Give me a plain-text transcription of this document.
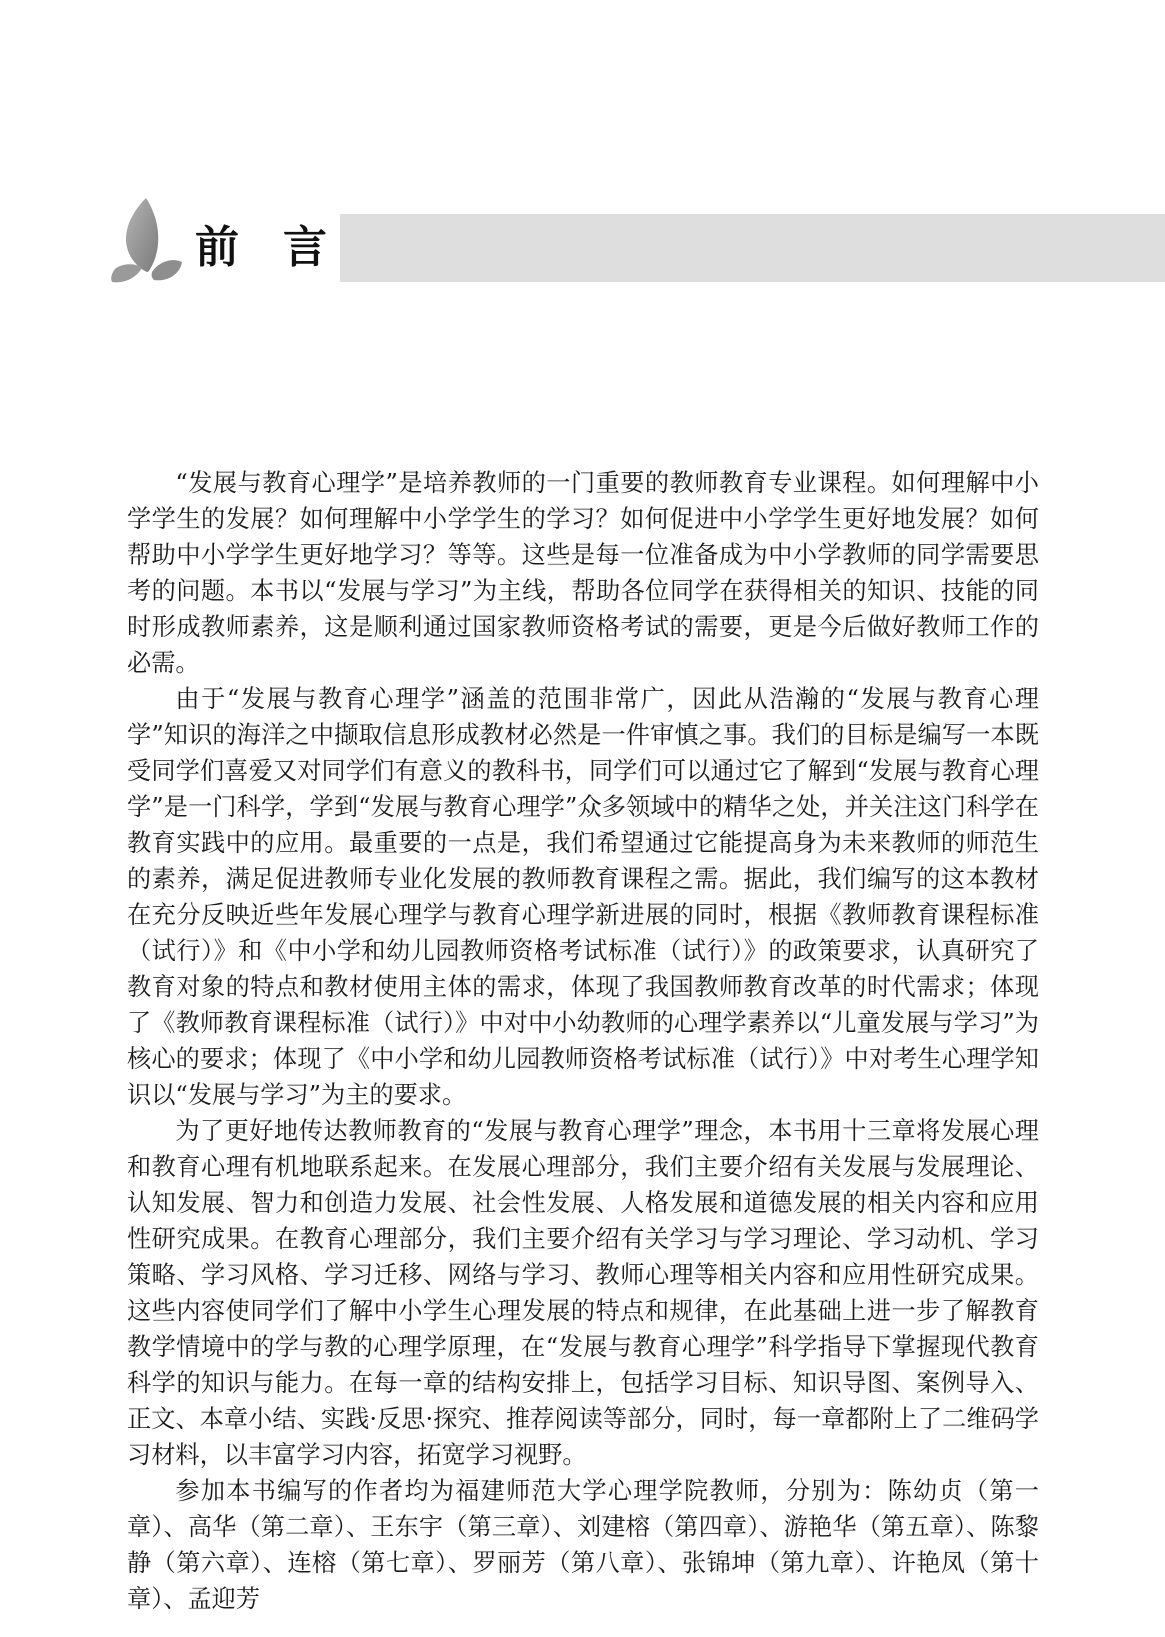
前言

“发展与教育心理学”是培养教师的一门重要的教师教育专业课程。如何理解中小学学生的发展？如何理解中小学学生的学习？如何促进中小学学生更好地发展？如何帮助中小学学生更好地学习？等等。这些是每一位准备成为中小学教师的同学需要思考的问题。本书以“发展与学习”为主线，帮助各位同学在获得相关的知识、技能的同时形成教师素养，这是顺利通过国家教师资格考试的需要，更是今后做好教师工作的必需。

由于“发展与教育心理学”涵盖的范围非常广，因此从浩瀚的“发展与教育心理学”知识的海洋之中撷取信息形成教材必然是一件审慎之事。我们的目标是编写一本既受同学们喜爱又对同学们有意义的教科书，同学们可以通过它了解到“发展与教育心理学”是一门科学，学到“发展与教育心理学”众多领域中的精华之处，并关注这门科学在教育实践中的应用。最重要的一点是，我们希望通过它能提高身为未来教师的师范生的素养，满足促进教师专业化发展的教师教育课程之需。据此，我们编写的这本教材在充分反映近些年发展心理学与教育心理学新进展的同时，根据《教师教育课程标准（试行）》和《中小学和幼儿园教师资格考试标准（试行）》的政策要求，认真研究了教育对象的特点和教材使用主体的需求，体现了我国教师教育改革的时代需求；体现了《教师教育课程标准（试行）》中对中小幼教师的心理学素养以“儿童发展与学习”为核心的要求；体现了《中小学和幼儿园教师资格考试标准（试行）》中对考生心理学知识以“发展与学习”为主的要求。

为了更好地传达教师教育的“发展与教育心理学”理念，本书用十三章将发展心理和教育心理有机地联系起来。在发展心理部分，我们主要介绍有关发展与发展理论、认知发展、智力和创造力发展、社会性发展、人格发展和道德发展的相关内容和应用性研究成果。在教育心理部分，我们主要介绍有关学习与学习理论、学习动机、学习策略、学习风格、学习迁移、网络与学习、教师心理等相关内容和应用性研究成果。这些内容使同学们了解中小学生心理发展的特点和规律，在此基础上进一步了解教育教学情境中的学与教的心理学原理，在“发展与教育心理学”科学指导下掌握现代教育科学的知识与能力。在每一章的结构安排上，包括学习目标、知识导图、案例导入、正文、本章小结、实践·反思·探究、推荐阅读等部分，同时，每一章都附上了二维码学习材料，以丰富学习内容，拓宽学习视野。

参加本书编写的作者均为福建师范大学心理学院教师，分别为：陈幼贞（第一章）、高华（第二章）、王东宇（第三章）、刘建榕（第四章）、游艳华（第五章）、陈黎静（第六章）、连榕（第七章）、罗丽芳（第八章）、张锦坤（第九章）、许艳凤（第十章）、孟迎芳
